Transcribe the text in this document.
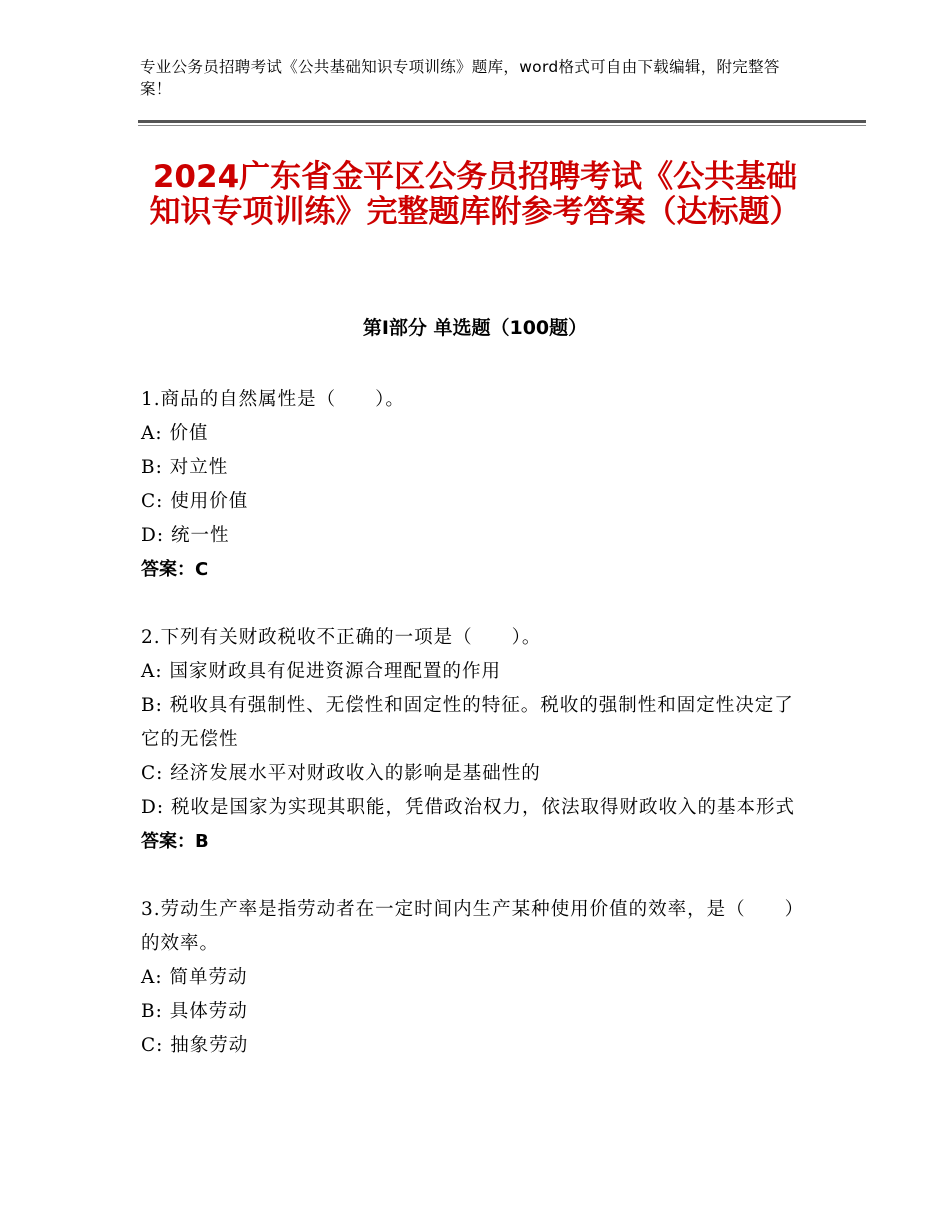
专业公务员招聘考试《公共基础知识专项训练》题库，word格式可自由下载编辑，附完整答案！
2024广东省金平区公务员招聘考试《公共基础知识专项训练》完整题库附参考答案（达标题）
第Ⅰ部分 单选题（100题）
1.商品的自然属性是（　　）。
A: 价值
B: 对立性
C: 使用价值
D: 统一性
答案：C
2.下列有关财政税收不正确的一项是（　　）。
A: 国家财政具有促进资源合理配置的作用
B: 税收具有强制性、无偿性和固定性的特征。税收的强制性和固定性决定了它的无偿性
C: 经济发展水平对财政收入的影响是基础性的
D: 税收是国家为实现其职能，凭借政治权力，依法取得财政收入的基本形式
答案：B
3.劳动生产率是指劳动者在一定时间内生产某种使用价值的效率，是（　　）的效率。
A: 简单劳动
B: 具体劳动
C: 抽象劳动
